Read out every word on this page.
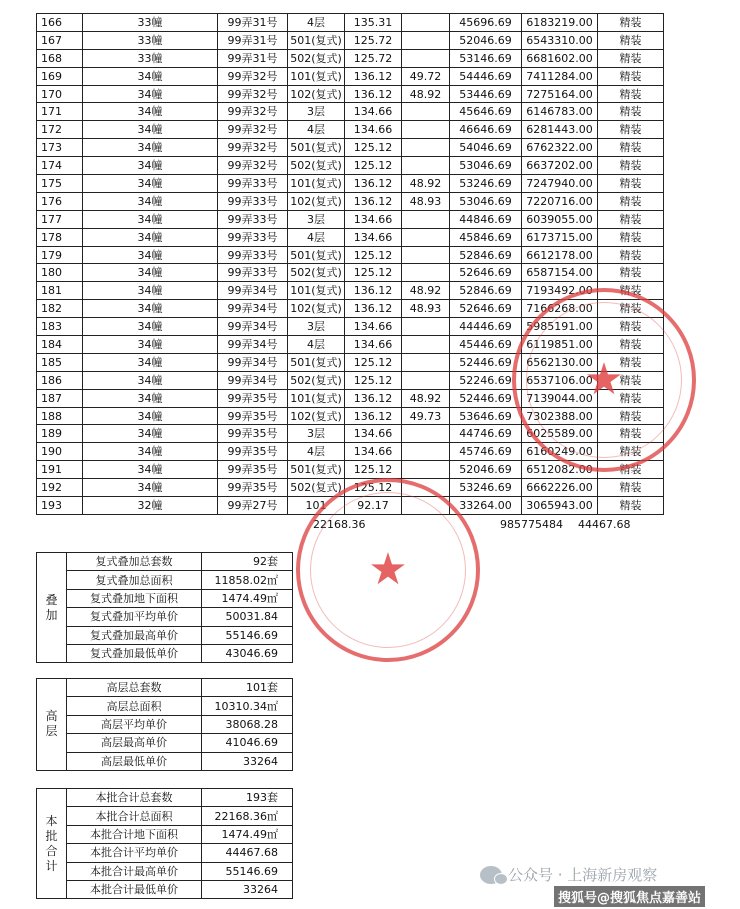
166	33幢	99弄31号	4层	135.31		45696.69	6183219.00	精装
167	33幢	99弄31号	501(复式)	125.72		52046.69	6543310.00	精装
168	33幢	99弄31号	502(复式)	125.72		53146.69	6681602.00	精装
169	34幢	99弄32号	101(复式)	136.12	49.72	54446.69	7411284.00	精装
170	34幢	99弄32号	102(复式)	136.12	48.92	53446.69	7275164.00	精装
171	34幢	99弄32号	3层	134.66		45646.69	6146783.00	精装
172	34幢	99弄32号	4层	134.66		46646.69	6281443.00	精装
173	34幢	99弄32号	501(复式)	125.12		54046.69	6762322.00	精装
174	34幢	99弄32号	502(复式)	125.12		53046.69	6637202.00	精装
175	34幢	99弄33号	101(复式)	136.12	48.92	53246.69	7247940.00	精装
176	34幢	99弄33号	102(复式)	136.12	48.93	53046.69	7220716.00	精装
177	34幢	99弄33号	3层	134.66		44846.69	6039055.00	精装
178	34幢	99弄33号	4层	134.66		45846.69	6173715.00	精装
179	34幢	99弄33号	501(复式)	125.12		52846.69	6612178.00	精装
180	34幢	99弄33号	502(复式)	125.12		52646.69	6587154.00	精装
181	34幢	99弄34号	101(复式)	136.12	48.92	52846.69	7193492.00	精装
182	34幢	99弄34号	102(复式)	136.12	48.93	52646.69	7166268.00	精装
183	34幢	99弄34号	3层	134.66		44446.69	5985191.00	精装
184	34幢	99弄34号	4层	134.66		45446.69	6119851.00	精装
185	34幢	99弄34号	501(复式)	125.12		52446.69	6562130.00	精装
186	34幢	99弄34号	502(复式)	125.12		52246.69	6537106.00	精装
187	34幢	99弄35号	101(复式)	136.12	48.92	52446.69	7139044.00	精装
188	34幢	99弄35号	102(复式)	136.12	49.73	53646.69	7302388.00	精装
189	34幢	99弄35号	3层	134.66		44746.69	6025589.00	精装
190	34幢	99弄35号	4层	134.66		45746.69	6160249.00	精装
191	34幢	99弄35号	501(复式)	125.12		52046.69	6512082.00	精装
192	34幢	99弄35号	502(复式)	125.12		53246.69	6662226.00	精装
193	32幢	99弄27号	101	92.17		33264.00	3065943.00	精装
22168.36	985775484 44467.68
叠加	复式叠加总套数	92套
	复式叠加总面积	11858.02㎡
	复式叠加地下面积	1474.49㎡
	复式叠加平均单价	50031.84
	复式叠加最高单价	55146.69
	复式叠加最低单价	43046.69
高层	高层总套数	101套
	高层总面积	10310.34㎡
	高层平均单价	38068.28
	高层最高单价	41046.69
	高层最低单价	33264
本批合计	本批合计总套数	193套
	本批合计总面积	22168.36㎡
	本批合计地下面积	1474.49㎡
	本批合计平均单价	44467.68
	本批合计最高单价	55146.69
	本批合计最低单价	33264
★
★
公众号 · 上海新房观察
搜狐号@搜狐焦点嘉善站
